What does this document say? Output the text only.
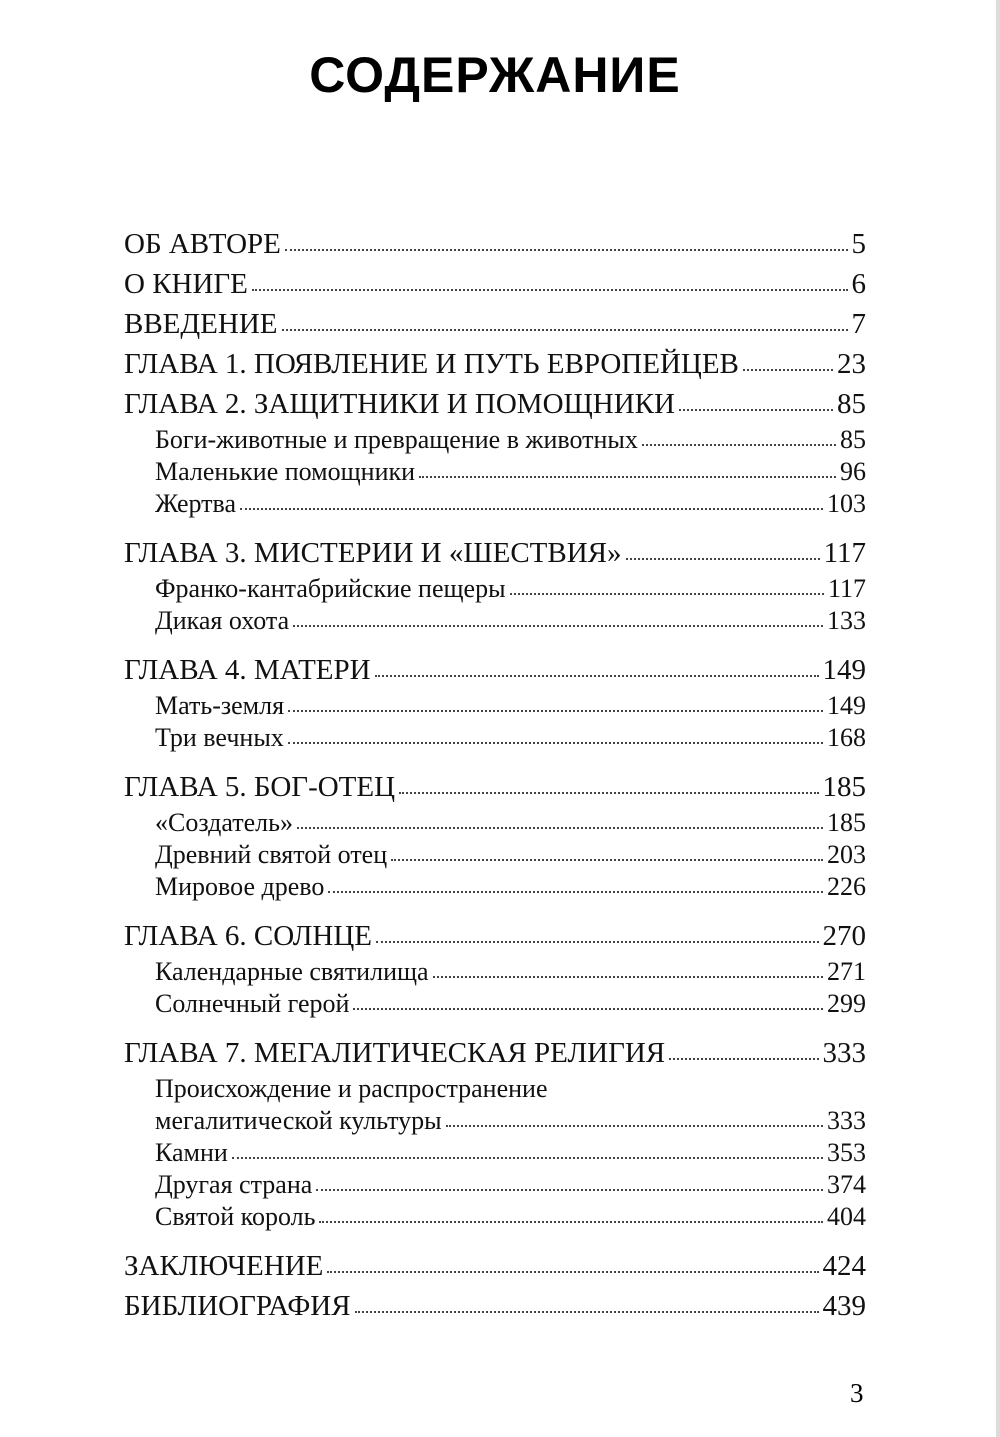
СОДЕРЖАНИЕ
ОБ АВТОРЕ	5
О КНИГЕ	6
ВВЕДЕНИЕ	7
ГЛАВА 1. ПОЯВЛЕНИЕ И ПУТЬ ЕВРОПЕЙЦЕВ	23
ГЛАВА 2. ЗАЩИТНИКИ И ПОМОЩНИКИ	85
Боги-животные и превращение в животных	85
Маленькие помощники	96
Жертва	103
ГЛАВА 3. МИСТЕРИИ И «ШЕСТВИЯ»	117
Франко-кантабрийские пещеры	117
Дикая охота	133
ГЛАВА 4. МАТЕРИ	149
Мать-земля	149
Три вечных	168
ГЛАВА 5. БОГ-ОТЕЦ	185
«Создатель»	185
Древний святой отец	203
Мировое древо	226
ГЛАВА 6. СОЛНЦЕ	270
Календарные святилища	271
Солнечный герой	299
ГЛАВА 7. МЕГАЛИТИЧЕСКАЯ РЕЛИГИЯ	333
Происхождение и распространение
мегалитической культуры	333
Камни	353
Другая страна	374
Святой король	404
ЗАКЛЮЧЕНИЕ	424
БИБЛИОГРАФИЯ	439
3
